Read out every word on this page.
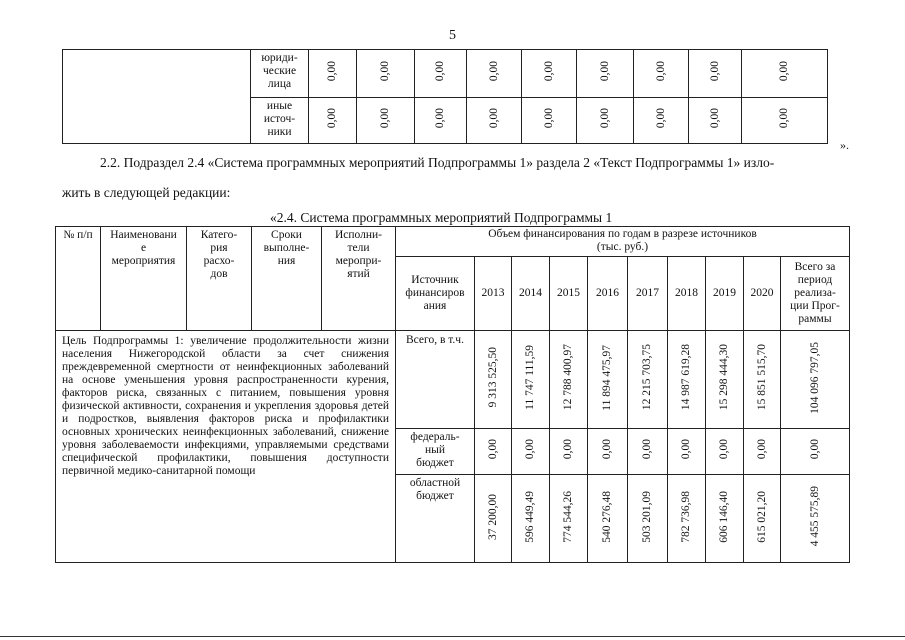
5
	юриди-
ческие
лица	0,00	0,00	0,00	0,00	0,00	0,00	0,00	0,00	0,00
	иные
источ-
ники	0,00	0,00	0,00	0,00	0,00	0,00	0,00	0,00	0,00
».
2.2. Подраздел 2.4 «Система программных мероприятий Подпрограммы 1» раздела 2 «Текст Подпрограммы 1» изло-
жить в следующей редакции:
«2.4. Система программных мероприятий Подпрограммы 1
№ п/п	Наименовани
е
мероприятия	Катего-
рия
расхо-
дов	Сроки
выполне-
ния	Исполни-
тели
меропри-
ятий	Объем финансирования по годам в разрезе источников
(тыс. руб.)									
					Источник
финансиров
ания	2013	2014	2015	2016	2017	2018	2019	2020	Всего за
период
реализа-
ции Прог-
раммы
Цель Подпрограммы 1: увеличение продолжительности жизни населения Нижегородской области за счет снижения преждевременной смертности от неинфекционных заболеваний на основе уменьшения уровня распространенности курения, факторов риска, связанных с питанием, повышения уровня физической активности, сохранения и укрепления здоровья детей и подростков, выявления факторов риска и профилактики основных хронических неинфекционных заболеваний, снижение уровня заболеваемости инфекциями, управляемыми средствами специфической профилактики, повышения доступности первичной медико-санитарной помощи					Всего, в т.ч.	9 313 525,50	11 747 111,59	12 788 400,97	11 894 475,97	12 215 703,75	14 987 619,28	15 298 444,30	15 851 515,70	104 096 797,05
					федераль-
ный
бюджет	0,00	0,00	0,00	0,00	0,00	0,00	0,00	0,00	0,00
					областной
бюджет	37 200,00	596 449,49	774 544,26	540 276,48	503 201,09	782 736,98	606 146,40	615 021,20	4 455 575,89
